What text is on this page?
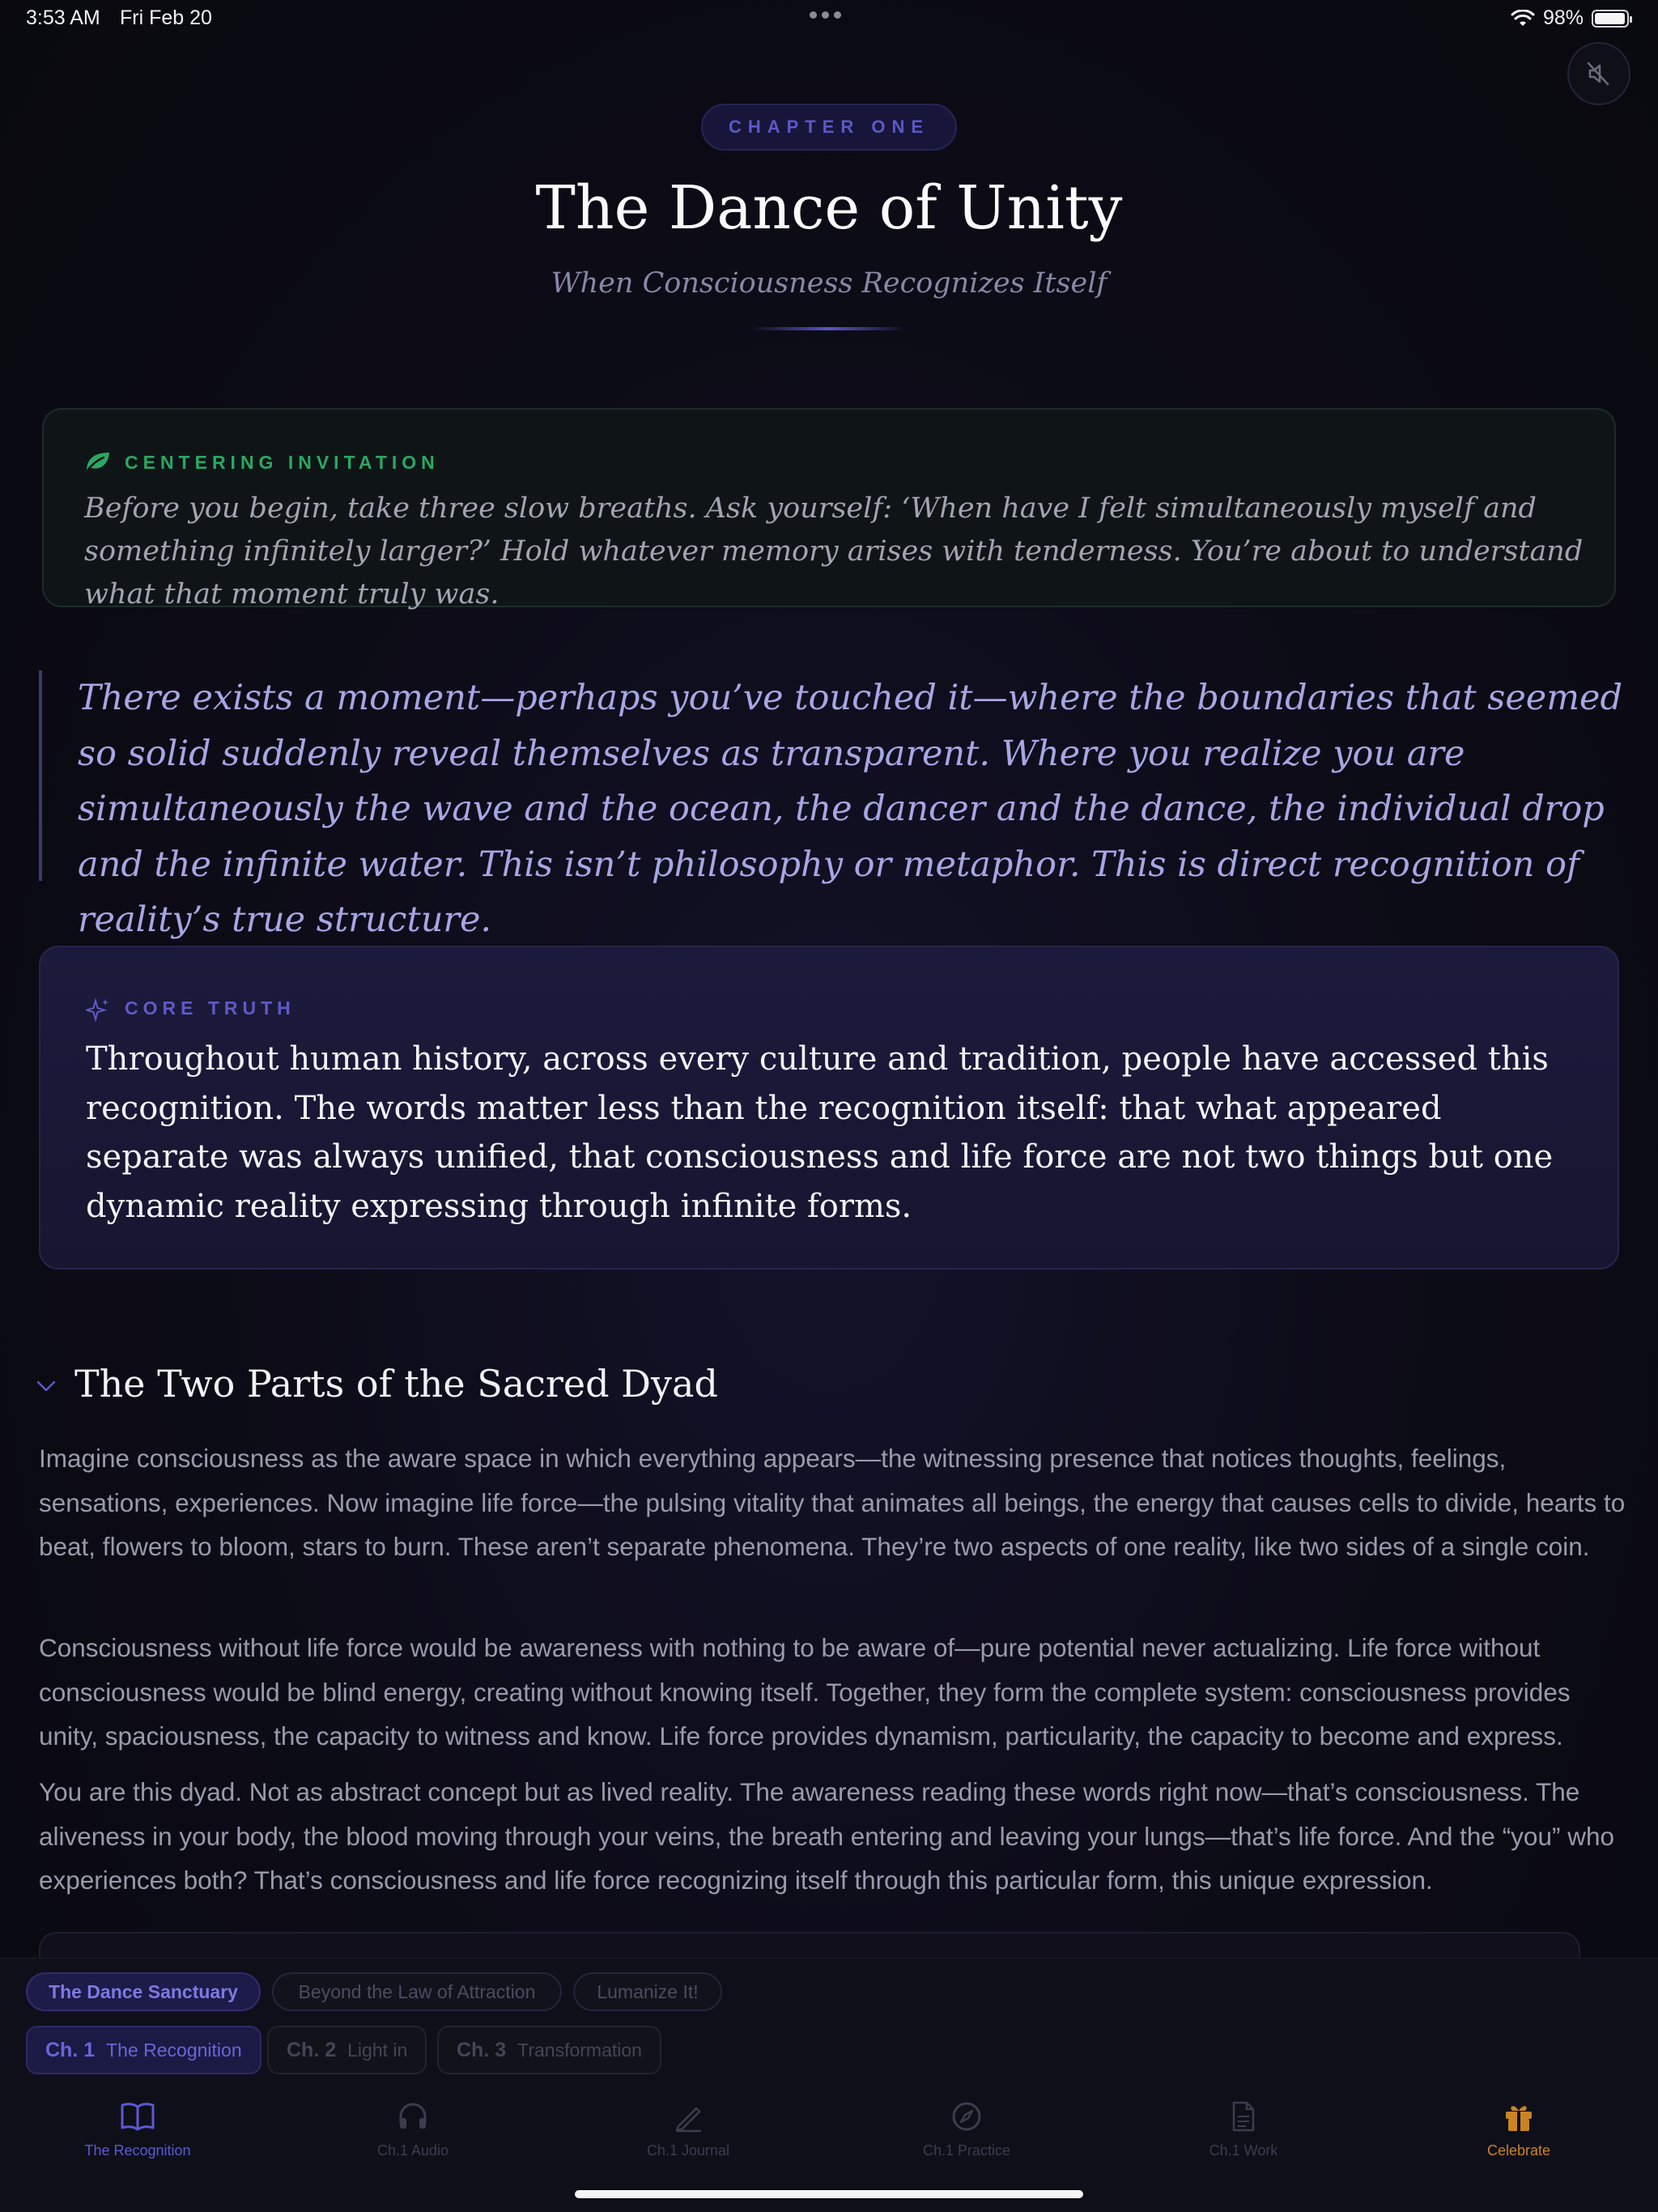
3:53 AM Fri Feb 20	98%
CHAPTER ONE
The Dance of Unity
When Consciousness Recognizes Itself
CENTERING INVITATION
Before you begin, take three slow breaths. Ask yourself: ‘When have I felt simultaneously myself and something infinitely larger?’ Hold whatever memory arises with tenderness. You’re about to understand what that moment truly was.
There exists a moment—perhaps you’ve touched it—where the boundaries that seemed so solid suddenly reveal themselves as transparent. Where you realize you are simultaneously the wave and the ocean, the dancer and the dance, the individual drop and the infinite water. This isn’t philosophy or metaphor. This is direct recognition of reality’s true structure.
CORE TRUTH
Throughout human history, across every culture and tradition, people have accessed this recognition. The words matter less than the recognition itself: that what appeared separate was always unified, that consciousness and life force are not two things but one dynamic reality expressing through infinite forms.
The Two Parts of the Sacred Dyad
Imagine consciousness as the aware space in which everything appears—the witnessing presence that notices thoughts, feelings, sensations, experiences. Now imagine life force—the pulsing vitality that animates all beings, the energy that causes cells to divide, hearts to beat, flowers to bloom, stars to burn. These aren’t separate phenomena. They’re two aspects of one reality, like two sides of a single coin.
Consciousness without life force would be awareness with nothing to be aware of—pure potential never actualizing. Life force without consciousness would be blind energy, creating without knowing itself. Together, they form the complete system: consciousness provides unity, spaciousness, the capacity to witness and know. Life force provides dynamism, particularity, the capacity to become and express.
You are this dyad. Not as abstract concept but as lived reality. The awareness reading these words right now—that’s consciousness. The aliveness in your body, the blood moving through your veins, the breath entering and leaving your lungs—that’s life force. And the “you” who experiences both? That’s consciousness and life force recognizing itself through this particular form, this unique expression.
The Dance Sanctuary	Beyond the Law of Attraction	Lumanize It!
Ch. 1 The Recognition Ch. 2 Light in Ch. 3 Transformation
The Recognition	Ch.1 Audio	Ch.1 Journal	Ch.1 Practice	Ch.1 Work	Celebrate
